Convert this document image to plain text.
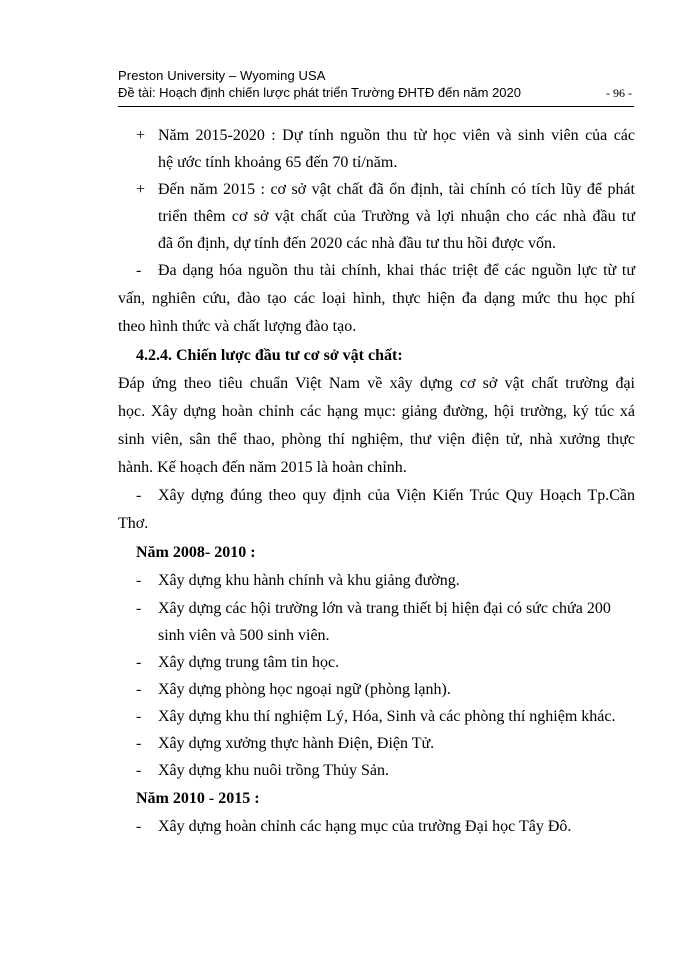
Preston University – Wyoming USA
Đề tài: Hoạch định chiến lược phát triển Trường ĐHTĐ đến năm 2020	- 96 -
+ Năm 2015-2020 : Dự tính nguồn thu từ học viên và sinh viên của các
hệ ước tính khoảng 65 đến 70 tỉ/năm.
+ Đến năm 2015 : cơ sở vật chất đã ổn định, tài chính có tích lũy để phát
triển thêm cơ sở vật chất của Trường và lợi nhuận cho các nhà đầu tư
đã ổn định, dự tính đến 2020 các nhà đầu tư thu hồi được vốn.
-	Đa dạng hóa nguồn thu tài chính, khai thác triệt để các nguồn lực từ tư
vấn, nghiên cứu, đào tạo các loại hình, thực hiện đa dạng mức thu học phí
theo hình thức và chất lượng đào tạo.
4.2.4. Chiến lược đầu tư cơ sở vật chất:
Đáp ứng theo tiêu chuẩn Việt Nam về xây dựng cơ sở vật chất trường đại
học. Xây dựng hoàn chỉnh các hạng mục: giảng đường, hội trường, ký túc xá
sinh viên, sân thể thao, phòng thí nghiệm, thư viện điện tử, nhà xưởng thực
hành. Kế hoạch đến năm 2015 là hoàn chỉnh.
-	Xây dựng đúng theo quy định của Viện Kiến Trúc Quy Hoạch Tp.Cần
Thơ.
Năm 2008- 2010 :
-	Xây dựng khu hành chính và khu giảng đường.
-	Xây dựng các hội trường lớn và trang thiết bị hiện đại có sức chứa 200
sinh viên và 500 sinh viên.
-	Xây dựng trung tâm tin học.
-	Xây dựng phòng học ngoại ngữ (phòng lạnh).
-	Xây dựng khu thí nghiệm Lý, Hóa, Sinh và các phòng thí nghiệm khác.
-	Xây dựng xưởng thực hành Điện, Điện Tử.
-	Xây dựng khu nuôi trồng Thủy Sản.
Năm 2010 - 2015 :
-	Xây dựng hoàn chỉnh các hạng mục của trường Đại học Tây Đô.
